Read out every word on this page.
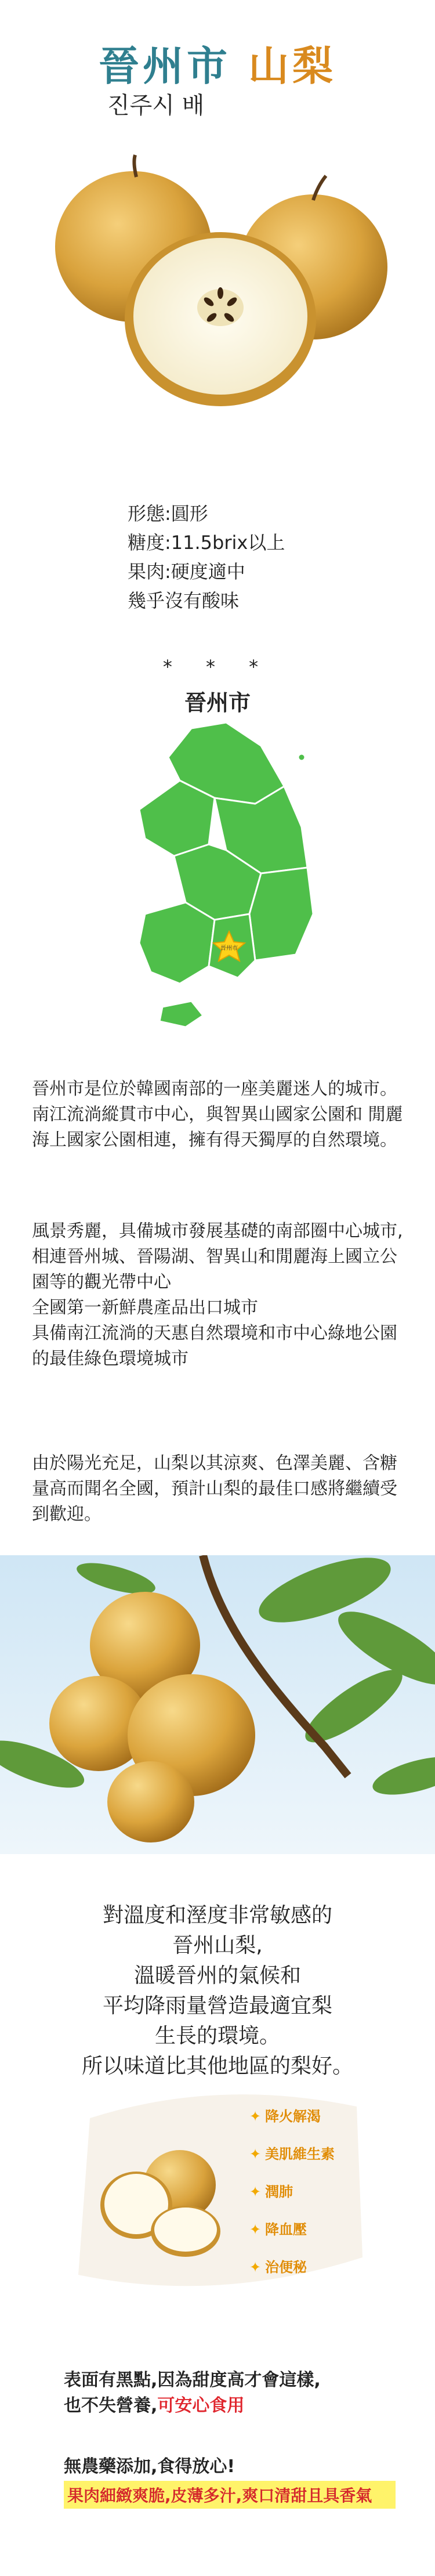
晉州市 山梨
진주시 배
形態:圓形
糖度:11.5brix以上
果肉:硬度適中
幾乎沒有酸味
* * *
晉州市
晉州市
晉州市是位於韓國南部的一座美麗迷人的城市。南江流淌縱貫市中心，與智異山國家公園和 閒麗海上國家公園相連，擁有得天獨厚的自然環境。
風景秀麗，具備城市發展基礎的南部圈中心城市,相連晉州城、晉陽湖、智異山和閒麗海上國立公園等的觀光帶中心
全國第一新鮮農產品出口城市
具備南江流淌的天惠自然環境和市中心綠地公園的最佳綠色環境城市
由於陽光充足，山梨以其涼爽、色澤美麗、含糖量高而聞名全國，預計山梨的最佳口感將繼續受到歡迎。
對溫度和溼度非常敏感的
晉州山梨,
溫暖晉州的氣候和
平均降雨量營造最適宜梨
生長的環境。
所以味道比其他地區的梨好。
✦ 降火解渴
✦ 美肌維生素
✦ 潤肺
✦ 降血壓
✦ 治便秘
表面有黑點,因為甜度高才會這樣,
也不失營養,可安心食用
無農藥添加,食得放心!
果肉細緻爽脆,皮薄多汁,爽口清甜且具香氣
